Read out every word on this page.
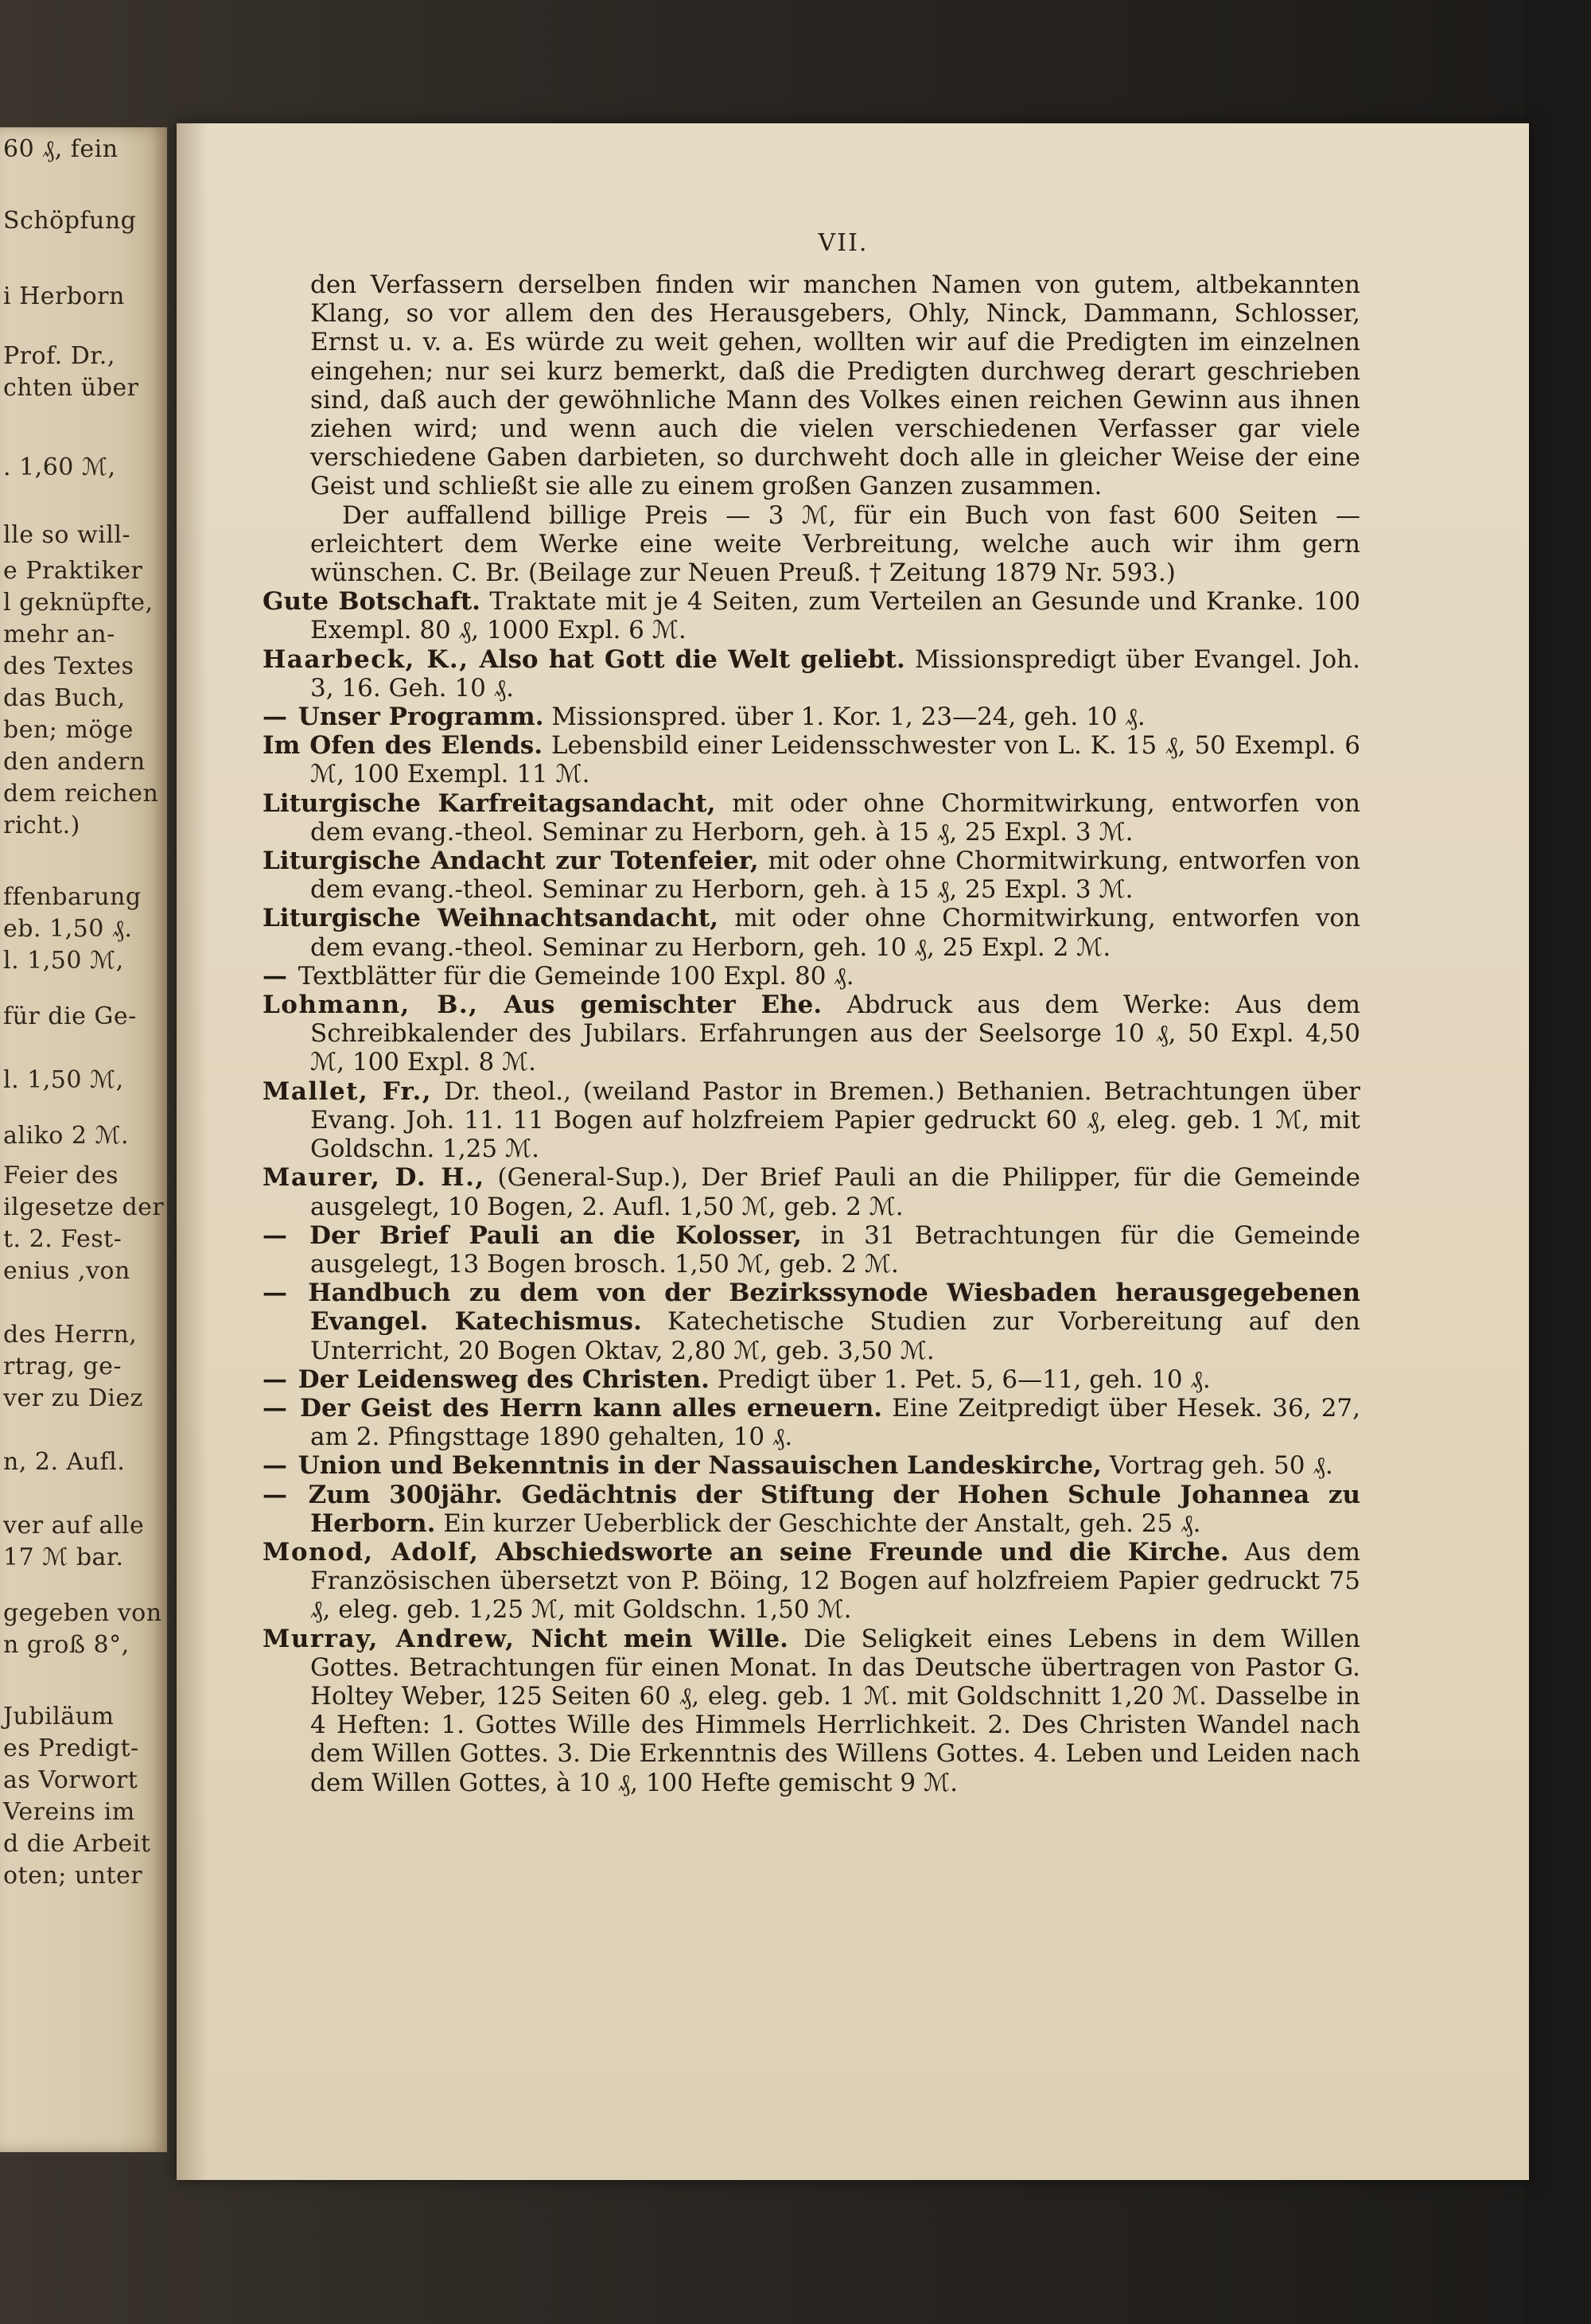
60 ₰, fein
Schöpfung
i Herborn
Prof. Dr.,
chten über
. 1,60 ℳ,
lle so will-
e Praktiker
l geknüpfte,
mehr an-
des Textes
das Buch,
ben; möge
den andern
dem reichen
richt.)
ffenbarung
eb. 1,50 ₰.
l. 1,50 ℳ,
für die Ge-
l. 1,50 ℳ,
aliko 2 ℳ.
Feier des
ilgesetze der
t. 2. Fest-
enius ,von
des Herrn,
rtrag, ge-
ver zu Diez
n, 2. Aufl.
ver auf alle
17 ℳ bar.
gegeben von
n groß 8°,
Jubiläum
es Predigt-
as Vorwort
Vereins im
d die Arbeit
oten; unter
VII.

den Verfassern derselben finden wir manchen Namen von gutem, altbekannten Klang, so vor allem den des Herausgebers, Ohly, Ninck, Dammann, Schlosser, Ernst u. v. a. Es würde zu weit gehen, wollten wir auf die Predigten im einzelnen eingehen; nur sei kurz bemerkt, daß die Predigten durchweg derart geschrieben sind, daß auch der gewöhnliche Mann des Volkes einen reichen Gewinn aus ihnen ziehen wird; und wenn auch die vielen verschiedenen Verfasser gar viele verschiedene Gaben darbieten, so durchweht doch alle in gleicher Weise der eine Geist und schließt sie alle zu einem großen Ganzen zusammen.

Der auffallend billige Preis — 3 ℳ, für ein Buch von fast 600 Seiten — erleichtert dem Werke eine weite Verbreitung, welche auch wir ihm gern wünschen. C. Br. (Beilage zur Neuen Preuß. † Zeitung 1879 Nr. 593.)

Gute Botschaft. Traktate mit je 4 Seiten, zum Verteilen an Gesunde und Kranke. 100 Exempl. 80 ₰, 1000 Expl. 6 ℳ.

Haarbeck, K., Also hat Gott die Welt geliebt. Missionspredigt über Evangel. Joh. 3, 16. Geh. 10 ₰.

— Unser Programm. Missionspred. über 1. Kor. 1, 23—24, geh. 10 ₰.

Im Ofen des Elends. Lebensbild einer Leidensschwester von L. K. 15 ₰, 50 Exempl. 6 ℳ, 100 Exempl. 11 ℳ.

Liturgische Karfreitagsandacht, mit oder ohne Chormitwirkung, entworfen von dem evang.-theol. Seminar zu Herborn, geh. à 15 ₰, 25 Expl. 3 ℳ.

Liturgische Andacht zur Totenfeier, mit oder ohne Chormitwirkung, entworfen von dem evang.-theol. Seminar zu Herborn, geh. à 15 ₰, 25 Expl. 3 ℳ.

Liturgische Weihnachtsandacht, mit oder ohne Chormitwirkung, entworfen von dem evang.-theol. Seminar zu Herborn, geh. 10 ₰, 25 Expl. 2 ℳ.

— Textblätter für die Gemeinde 100 Expl. 80 ₰.

Lohmann, B., Aus gemischter Ehe. Abdruck aus dem Werke: Aus dem Schreibkalender des Jubilars. Erfahrungen aus der Seelsorge 10 ₰, 50 Expl. 4,50 ℳ, 100 Expl. 8 ℳ.

Mallet, Fr., Dr. theol., (weiland Pastor in Bremen.) Bethanien. Betrachtungen über Evang. Joh. 11. 11 Bogen auf holzfreiem Papier gedruckt 60 ₰, eleg. geb. 1 ℳ, mit Goldschn. 1,25 ℳ.

Maurer, D. H., (General-Sup.), Der Brief Pauli an die Philipper, für die Gemeinde ausgelegt, 10 Bogen, 2. Aufl. 1,50 ℳ, geb. 2 ℳ.

— Der Brief Pauli an die Kolosser, in 31 Betrachtungen für die Gemeinde ausgelegt, 13 Bogen brosch. 1,50 ℳ, geb. 2 ℳ.

— Handbuch zu dem von der Bezirkssynode Wiesbaden herausgegebenen Evangel. Katechismus. Katechetische Studien zur Vorbereitung auf den Unterricht, 20 Bogen Oktav, 2,80 ℳ, geb. 3,50 ℳ.

— Der Leidensweg des Christen. Predigt über 1. Pet. 5, 6—11, geh. 10 ₰.

— Der Geist des Herrn kann alles erneuern. Eine Zeitpredigt über Hesek. 36, 27, am 2. Pfingsttage 1890 gehalten, 10 ₰.

— Union und Bekenntnis in der Nassauischen Landeskirche, Vortrag geh. 50 ₰.

— Zum 300jähr. Gedächtnis der Stiftung der Hohen Schule Johannea zu Herborn. Ein kurzer Ueberblick der Geschichte der Anstalt, geh. 25 ₰.

Monod, Adolf, Abschiedsworte an seine Freunde und die Kirche. Aus dem Französischen übersetzt von P. Böing, 12 Bogen auf holzfreiem Papier gedruckt 75 ₰, eleg. geb. 1,25 ℳ, mit Goldschn. 1,50 ℳ.

Murray, Andrew, Nicht mein Wille. Die Seligkeit eines Lebens in dem Willen Gottes. Betrachtungen für einen Monat. In das Deutsche übertragen von Pastor G. Holtey Weber, 125 Seiten 60 ₰, eleg. geb. 1 ℳ. mit Goldschnitt 1,20 ℳ. Dasselbe in 4 Heften: 1. Gottes Wille des Himmels Herrlichkeit. 2. Des Christen Wandel nach dem Willen Gottes. 3. Die Erkenntnis des Willens Gottes. 4. Leben und Leiden nach dem Willen Gottes, à 10 ₰, 100 Hefte gemischt 9 ℳ.
